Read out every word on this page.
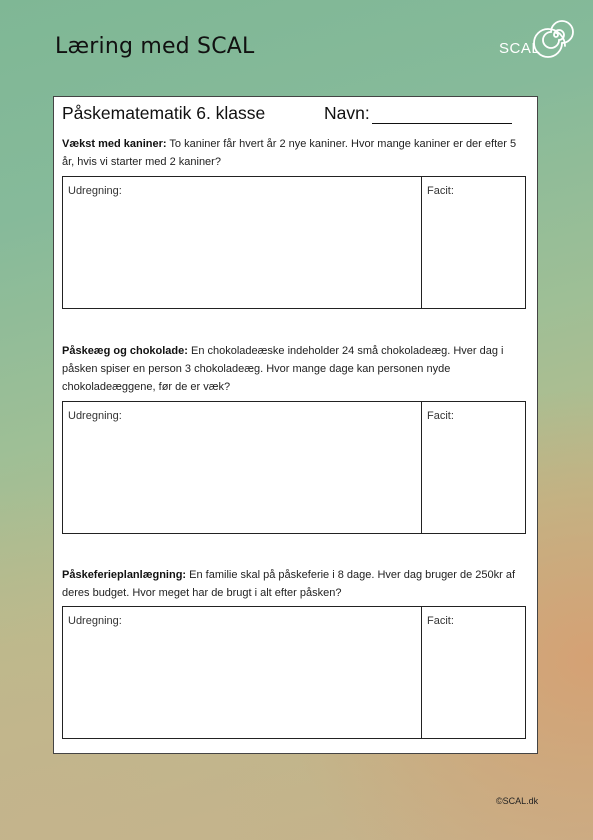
Læring med SCAL	SCAL
Påskematematik 6. klasse	Navn:
Vækst med kaniner: To kaniner får hvert år 2 nye kaniner. Hvor mange kaniner er der efter 5 år, hvis vi starter med 2 kaniner?
Udregning:	Facit:
Påskeæg og chokolade: En chokoladeæske indeholder 24 små chokoladeæg. Hver dag i påsken spiser en person 3 chokoladeæg. Hvor mange dage kan personen nyde chokoladeæggene, før de er væk?
Udregning:	Facit:
Påskeferieplanlægning: En familie skal på påskeferie i 8 dage. Hver dag bruger de 250kr af deres budget. Hvor meget har de brugt i alt efter påsken?
Udregning:	Facit:
©SCAL.dk
